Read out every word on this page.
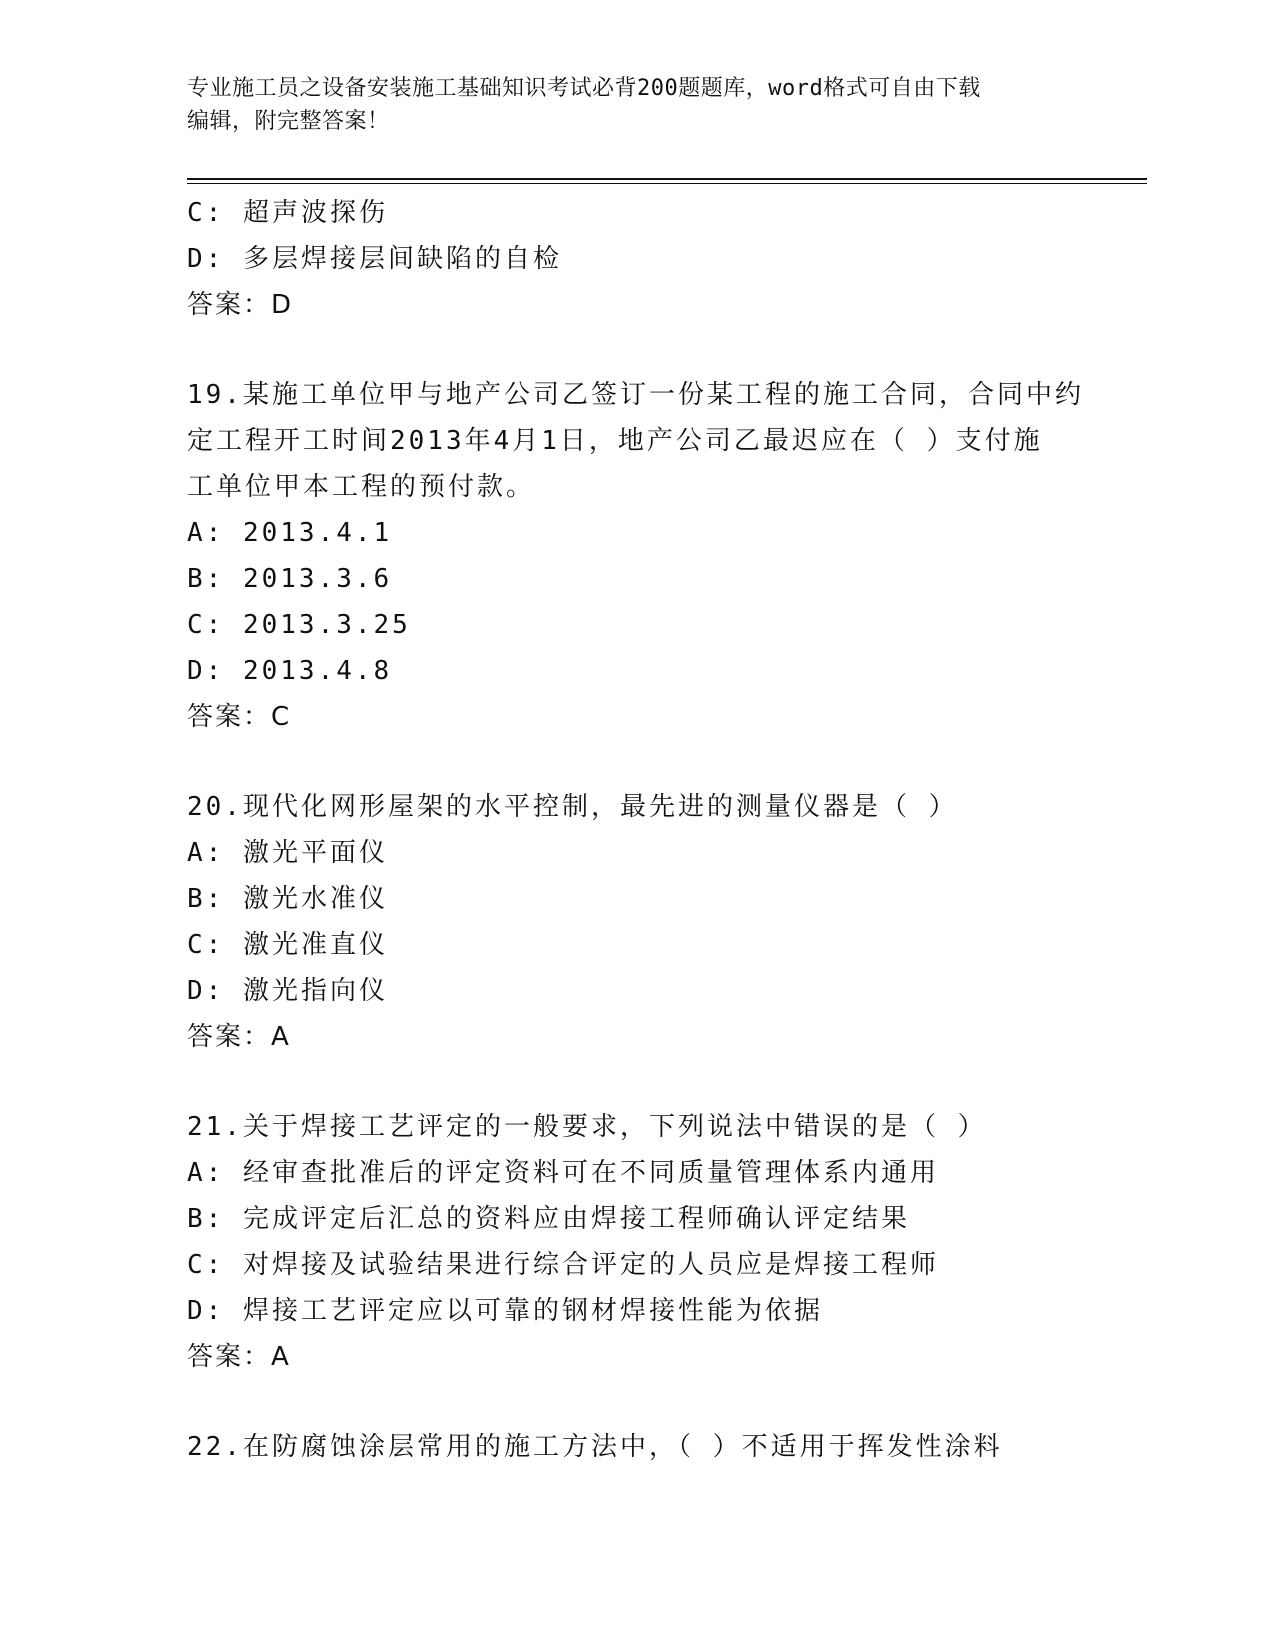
专业施工员之设备安装施工基础知识考试必背200题题库，word格式可自由下载
编辑，附完整答案！
C: 超声波探伤
D: 多层焊接层间缺陷的自检
答案：D
19.某施工单位甲与地产公司乙签订一份某工程的施工合同，合同中约
定工程开工时间2013年4月1日，地产公司乙最迟应在（ ）支付施
工单位甲本工程的预付款。
A: 2013.4.1
B: 2013.3.6
C: 2013.3.25
D: 2013.4.8
答案：C
20.现代化网形屋架的水平控制，最先进的测量仪器是（ ）
A: 激光平面仪
B: 激光水准仪
C: 激光准直仪
D: 激光指向仪
答案：A
21.关于焊接工艺评定的一般要求，下列说法中错误的是（ ）
A: 经审查批准后的评定资料可在不同质量管理体系内通用
B: 完成评定后汇总的资料应由焊接工程师确认评定结果
C: 对焊接及试验结果进行综合评定的人员应是焊接工程师
D: 焊接工艺评定应以可靠的钢材焊接性能为依据
答案：A
22.在防腐蚀涂层常用的施工方法中，（ ）不适用于挥发性涂料
